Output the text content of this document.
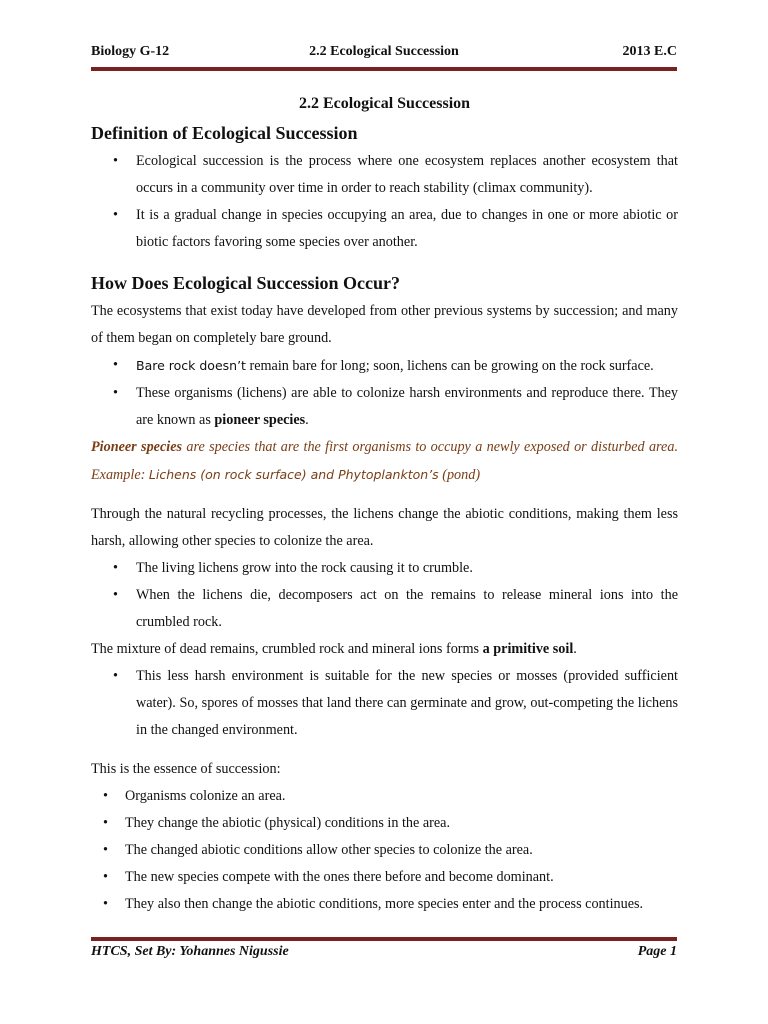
Biology G-12	2.2 Ecological Succession	2013 E.C
2.2 Ecological Succession
Definition of Ecological Succession
• Ecological succession is the process where one ecosystem replaces another ecosystem that occurs in a community over time in order to reach stability (climax community).
• It is a gradual change in species occupying an area, due to changes in one or more abiotic or biotic factors favoring some species over another.
How Does Ecological Succession Occur?

The ecosystems that exist today have developed from other previous systems by succession; and many of them began on completely bare ground.

• Bare rock doesn’t remain bare for long; soon, lichens can be growing on the rock surface.
• These organisms (lichens) are able to colonize harsh environments and reproduce there. They are known as pioneer species.

Pioneer species are species that are the first organisms to occupy a newly exposed or disturbed area. Example: Lichens (on rock surface) and Phytoplankton’s (pond)

Through the natural recycling processes, the lichens change the abiotic conditions, making them less harsh, allowing other species to colonize the area.

• The living lichens grow into the rock causing it to crumble.
• When the lichens die, decomposers act on the remains to release mineral ions into the crumbled rock.

The mixture of dead remains, crumbled rock and mineral ions forms a primitive soil.

• This less harsh environment is suitable for the new species or mosses (provided sufficient water). So, spores of mosses that land there can germinate and grow, out-competing the lichens in the changed environment.

This is the essence of succession:

• Organisms colonize an area.
• They change the abiotic (physical) conditions in the area.
• The changed abiotic conditions allow other species to colonize the area.
• The new species compete with the ones there before and become dominant.
• They also then change the abiotic conditions, more species enter and the process continues.
HTCS, Set By: Yohannes Nigussie	Page 1
